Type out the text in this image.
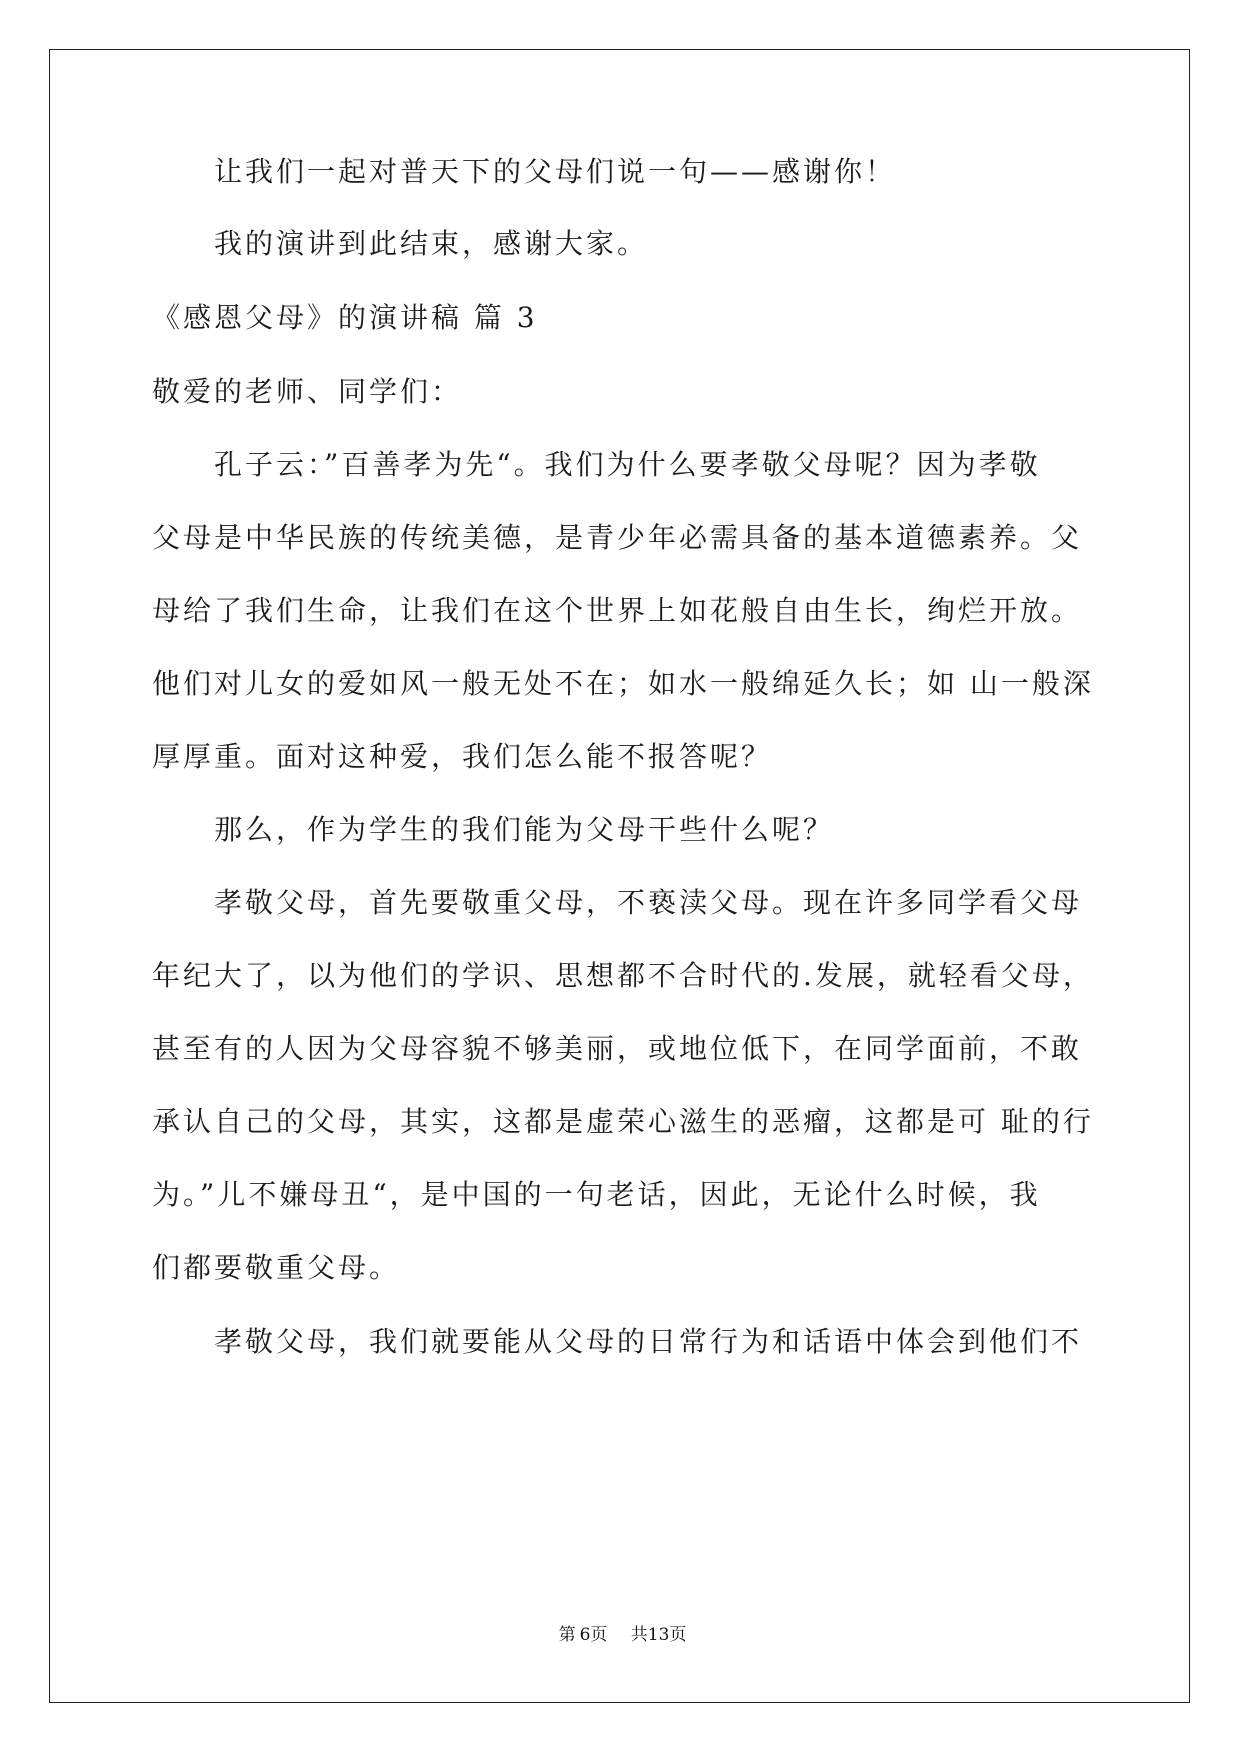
让我们一起对普天下的父母们说一句——感谢你！
我的演讲到此结束，感谢大家。
《感恩父母》的演讲稿 篇 3
敬爱的老师、同学们：
孔子云：”百善孝为先“。我们为什么要孝敬父母呢？因为孝敬
父母是中华民族的传统美德，是青少年必需具备的基本道德素养。父
母给了我们生命，让我们在这个世界上如花般自由生长，绚烂开放。
他们对儿女的爱如风一般无处不在；如水一般绵延久长；如 山一般深
厚厚重。面对这种爱，我们怎么能不报答呢？
那么，作为学生的我们能为父母干些什么呢？
孝敬父母，首先要敬重父母，不亵渎父母。现在许多同学看父母
年纪大了，以为他们的学识、思想都不合时代的.发展，就轻看父母，
甚至有的人因为父母容貌不够美丽，或地位低下，在同学面前，不敢
承认自己的父母，其实，这都是虚荣心滋生的恶瘤，这都是可 耻的行
为。”儿不嫌母丑“，是中国的一句老话，因此，无论什么时候，我
们都要敬重父母。
孝敬父母，我们就要能从父母的日常行为和话语中体会到他们不
第 6页 共13页
